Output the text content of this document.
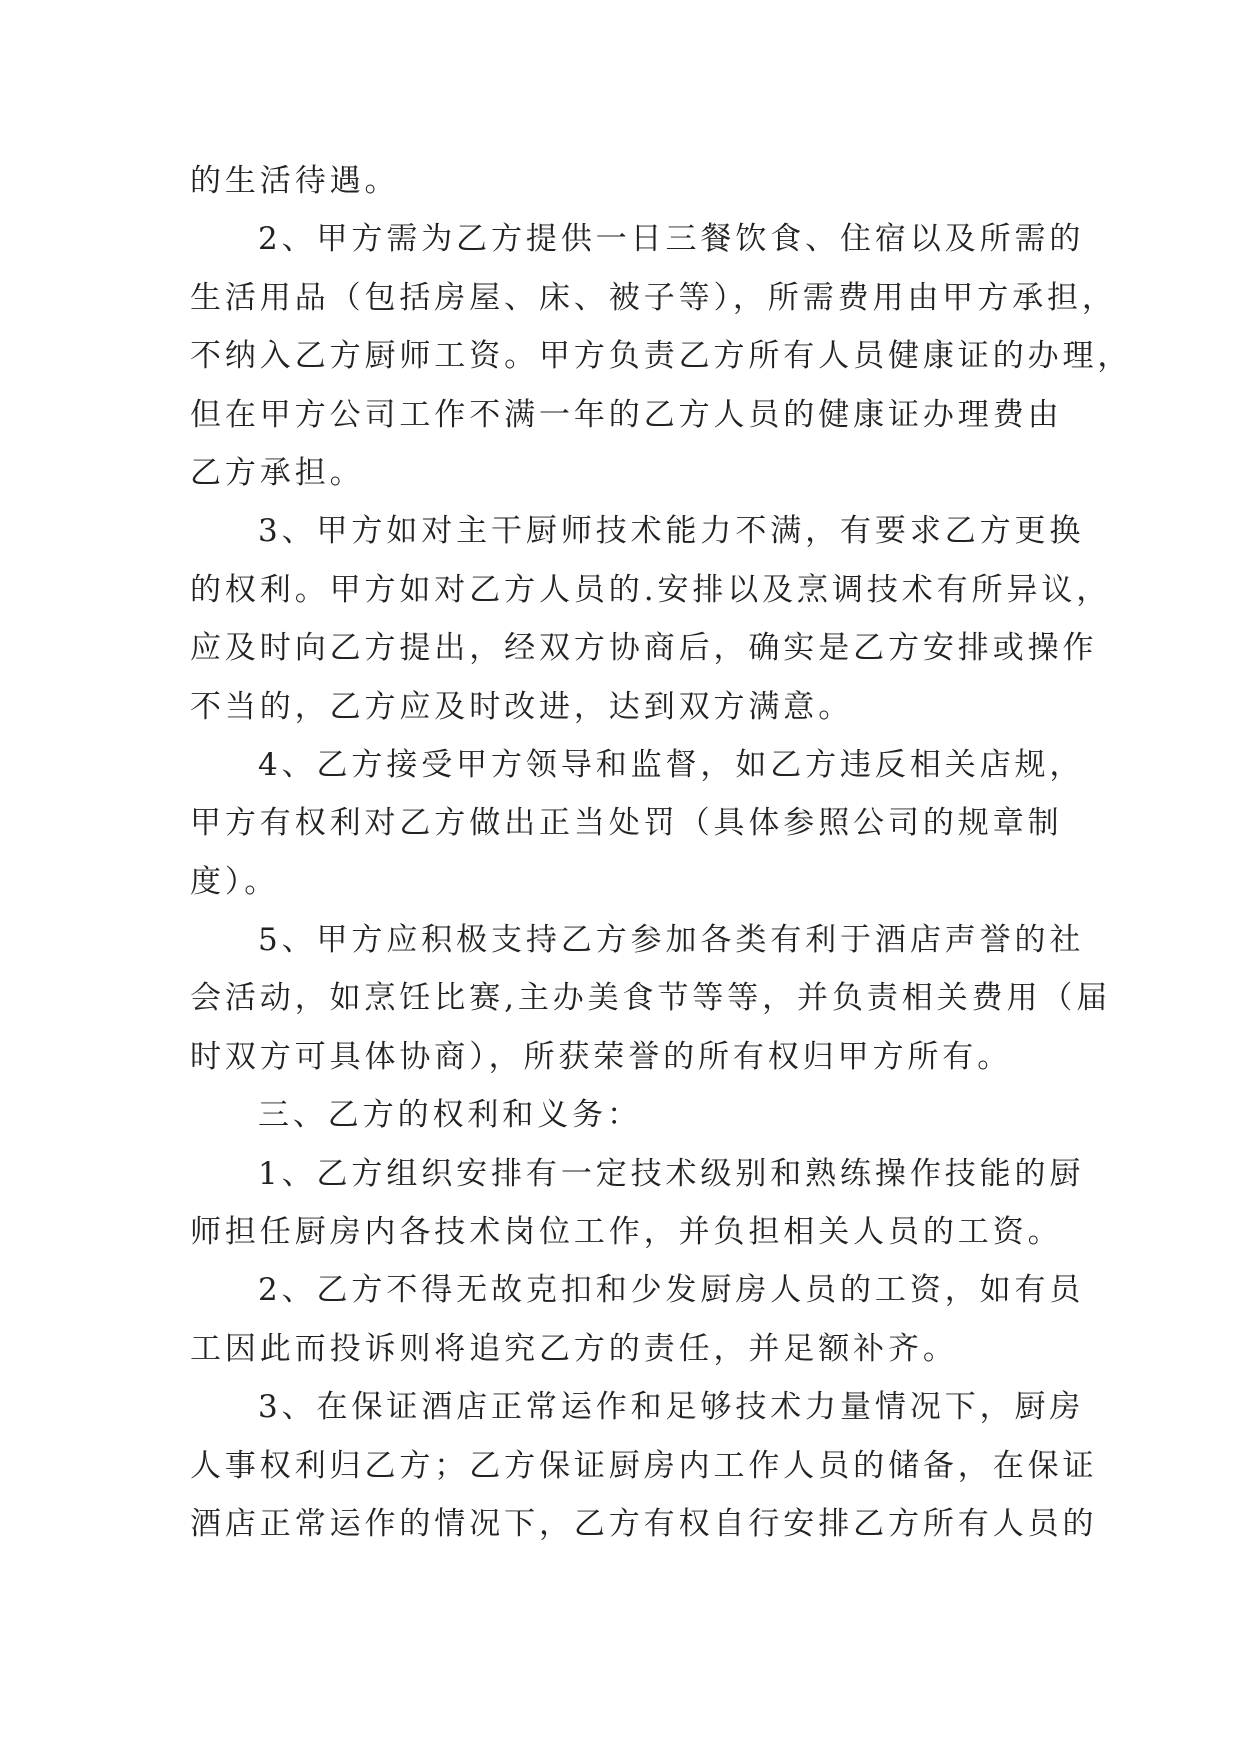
的生活待遇。
2、甲方需为乙方提供一日三餐饮食、住宿以及所需的
生活用品（包括房屋、床、被子等），所需费用由甲方承担，
不纳入乙方厨师工资。甲方负责乙方所有人员健康证的办理，
但在甲方公司工作不满一年的乙方人员的健康证办理费由
乙方承担。
3、甲方如对主干厨师技术能力不满，有要求乙方更换
的权利。甲方如对乙方人员的.安排以及烹调技术有所异议，
应及时向乙方提出，经双方协商后，确实是乙方安排或操作
不当的，乙方应及时改进，达到双方满意。
4、乙方接受甲方领导和监督，如乙方违反相关店规，
甲方有权利对乙方做出正当处罚（具体参照公司的规章制
度）。
5、甲方应积极支持乙方参加各类有利于酒店声誉的社
会活动，如烹饪比赛,主办美食节等等，并负责相关费用（届
时双方可具体协商），所获荣誉的所有权归甲方所有。
三、乙方的权利和义务：
1、乙方组织安排有一定技术级别和熟练操作技能的厨
师担任厨房内各技术岗位工作，并负担相关人员的工资。
2、乙方不得无故克扣和少发厨房人员的工资，如有员
工因此而投诉则将追究乙方的责任，并足额补齐。
3、在保证酒店正常运作和足够技术力量情况下，厨房
人事权利归乙方；乙方保证厨房内工作人员的储备，在保证
酒店正常运作的情况下，乙方有权自行安排乙方所有人员的
